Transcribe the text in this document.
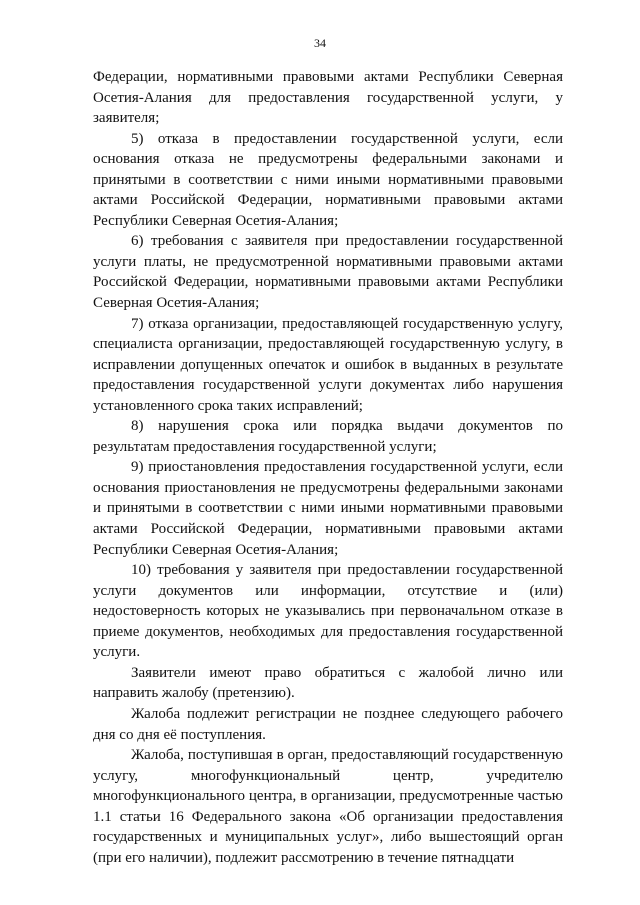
34

Федерации, нормативными правовыми актами Республики Северная Осетия-Алания для предоставления государственной услуги, у заявителя;

5) отказа в предоставлении государственной услуги, если основания отказа не предусмотрены федеральными законами и принятыми в соответствии с ними иными нормативными правовыми актами Российской Федерации, нормативными правовыми актами Республики Северная Осетия-Алания;

6) требования с заявителя при предоставлении государственной услуги платы, не предусмотренной нормативными правовыми актами Российской Федерации, нормативными правовыми актами Республики Северная Осетия-Алания;

7) отказа организации, предоставляющей государственную услугу, специалиста организации, предоставляющей государственную услугу, в исправлении допущенных опечаток и ошибок в выданных в результате предоставления государственной услуги документах либо нарушения установленного срока таких исправлений;

8) нарушения срока или порядка выдачи документов по результатам предоставления государственной услуги;

9) приостановления предоставления государственной услуги, если основания приостановления не предусмотрены федеральными законами и принятыми в соответствии с ними иными нормативными правовыми актами Российской Федерации, нормативными правовыми актами Республики Северная Осетия-Алания;

10) требования у заявителя при предоставлении государственной услуги документов или информации, отсутствие и (или) недостоверность которых не указывались при первоначальном отказе в приеме документов, необходимых для предоставления государственной услуги.

Заявители имеют право обратиться с жалобой лично или направить жалобу (претензию).

Жалоба подлежит регистрации не позднее следующего рабочего дня со дня её поступления.

Жалоба, поступившая в орган, предоставляющий государственную услугу, многофункциональный центр, учредителю многофункционального центра, в организации, предусмотренные частью 1.1 статьи 16 Федерального закона «Об организации предоставления государственных и муниципальных услуг», либо вышестоящий орган (при его наличии), подлежит рассмотрению в течение пятнадцати
